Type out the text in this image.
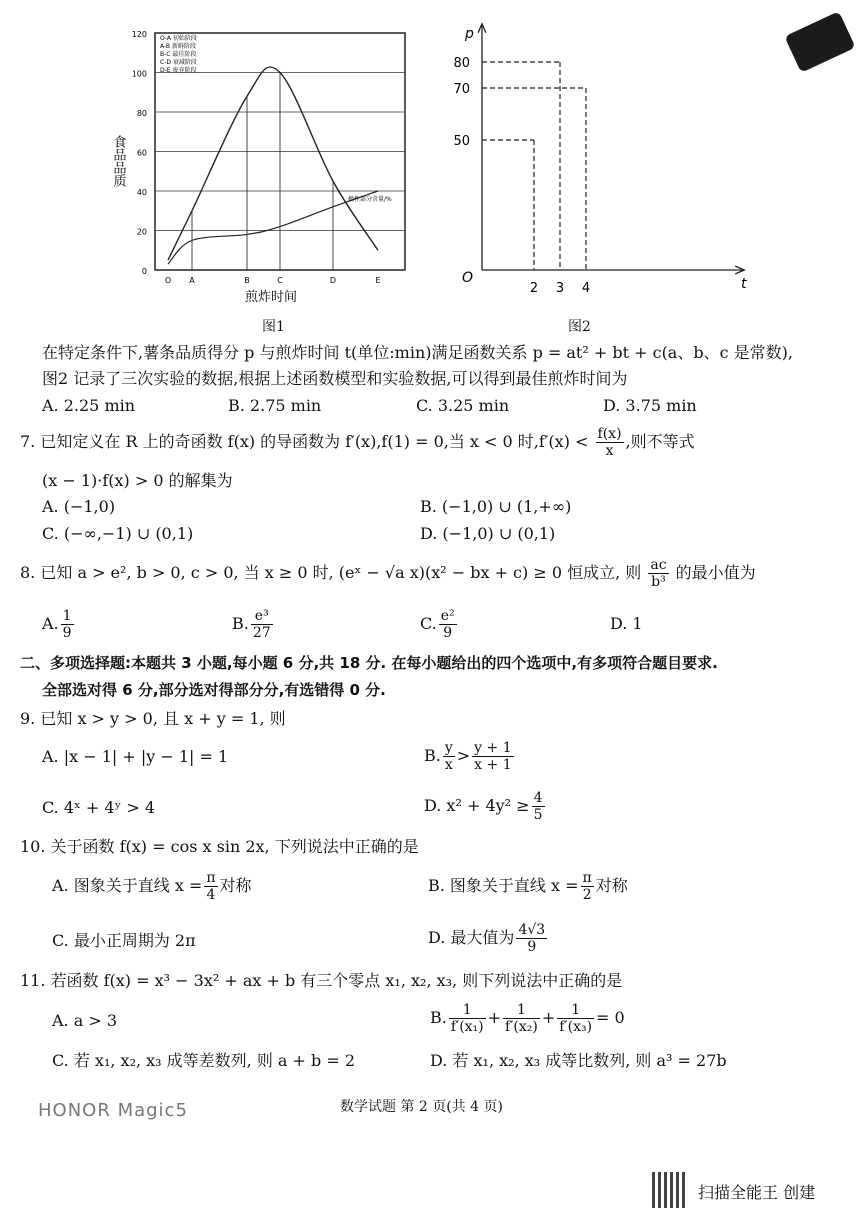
0
20
40
60
80
100
120
O A	B	C	D	E
O-A 初始阶段
A-B 新鲜阶段
B-C 最佳阶段
C-D 衰减阶段
D-E 废弃阶段
极性部分含量/%
食品品质
煎炸时间
图1
p
t
O
50
70
80
2 3 4
图2
在特定条件下,薯条品质得分 p 与煎炸时间 t(单位:min)满足函数关系 p = at² + bt + c(a、b、c 是常数),
图2 记录了三次实验的数据,根据上述函数模型和实验数据,可以得到最佳煎炸时间为
A. 2.25 min	B. 2.75 min	C. 3.25 min	D. 3.75 min
7. 已知定义在 R 上的奇函数 f(x) 的导函数为 f′(x),f(1) = 0,当 x < 0 时$,f'(x) < \frac{f(x)}{x}$ ,则不等式
(x − 1)·f(x) > 0 的解集为
A. (−1,0)	B. (−1,0) ∪ (1,+∞)
C. (−∞,−1) ∪ (0,1)	D. (−1,0) ∪ (0,1)
8. 已知 a > e², b > 0, c > 0, 当 x ≥ 0 时, (eˣ − √a x)(x² − bx + c) ≥ 0 恒成立, 则 $\frac{ac}{\text{b³}}$ 的最小值为
A. $\frac{1}{9}$	B. $\frac{\text{e³}}{27}$	C. $\frac{\text{e²}}{9}$	D. 1
二、多项选择题:本题共 3 小题,每小题 6 分,共 18 分. 在每小题给出的四个选项中,有多项符合题目要求.
全部选对得 6 分,部分选对得部分分,有选错得 0 分.
9. 已知 x > y > 0, 且 x + y = 1, 则
A. |x − 1| + |y − 1| = 1	B. $\frac{y}{x} > \frac{y + 1}{x + 1}$
C. 4ˣ + 4ʸ > 4	D. $x^2 + 4y^2 \ge \frac{4}{5}$
10. 关于函数 f(x) = cos x sin 2x, 下列说法中正确的是
A. 图象关于直线 $x = \frac{\pi}{4}$ 对称	B. 图象关于直线 $x = \frac{\pi}{2}$ 对称
C. 最小正周期为 2π	D. 最大值为 $\frac{4√3}{9}$
11. 若函数 f(x) = x³ − 3x² + ax + b 有三个零点 x₁, x₂, x₃, 则下列说法中正确的是
A. a > 3	B. $\frac{1}{\text{f′(x₁)}} + \frac{1}{\text{f′(x₂)}} + \frac{1}{\text{f′(x₃)}} = 0$
C. 若 x₁, x₂, x₃ 成等差数列, 则 a + b = 2	D. 若 x₁, x₂, x₃ 成等比数列, 则 a³ = 27b
HONOR Magic5	数学试题 第 2 页(共 4 页)
扫描全能王 创建
